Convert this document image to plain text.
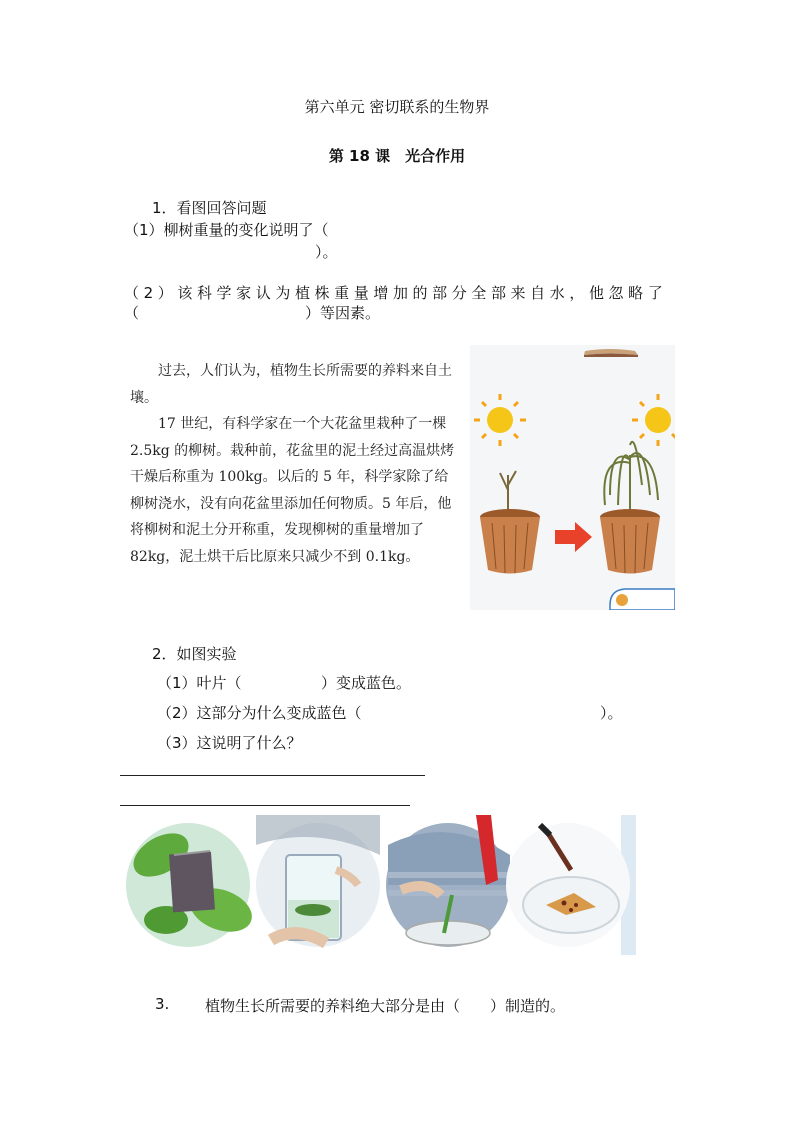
第六单元 密切联系的生物界
第 18 课　光合作用
1．看图回答问题
（1）柳树重量的变化说明了（
）。
（2）该科学家认为植株重量增加的部分全部来自水，他忽略了
（	）等因素。

过去，人们认为，植物生长所需要的养料来自土壤。

17 世纪，有科学家在一个大花盆里栽种了一棵 2.5kg 的柳树。栽种前，花盆里的泥土经过高温烘烤干燥后称重为 100kg。以后的 5 年，科学家除了给柳树浇水，没有向花盆里添加任何物质。5 年后，他将柳树和泥土分开称重，发现柳树的重量增加了 82kg，泥土烘干后比原来只减少不到 0.1kg。

2．如图实验
（1）叶片（	）变成蓝色。
（2）这部分为什么变成蓝色（	）。
（3）这说明了什么？
3. 植物生长所需要的养料绝大部分是由（　　）制造的。
